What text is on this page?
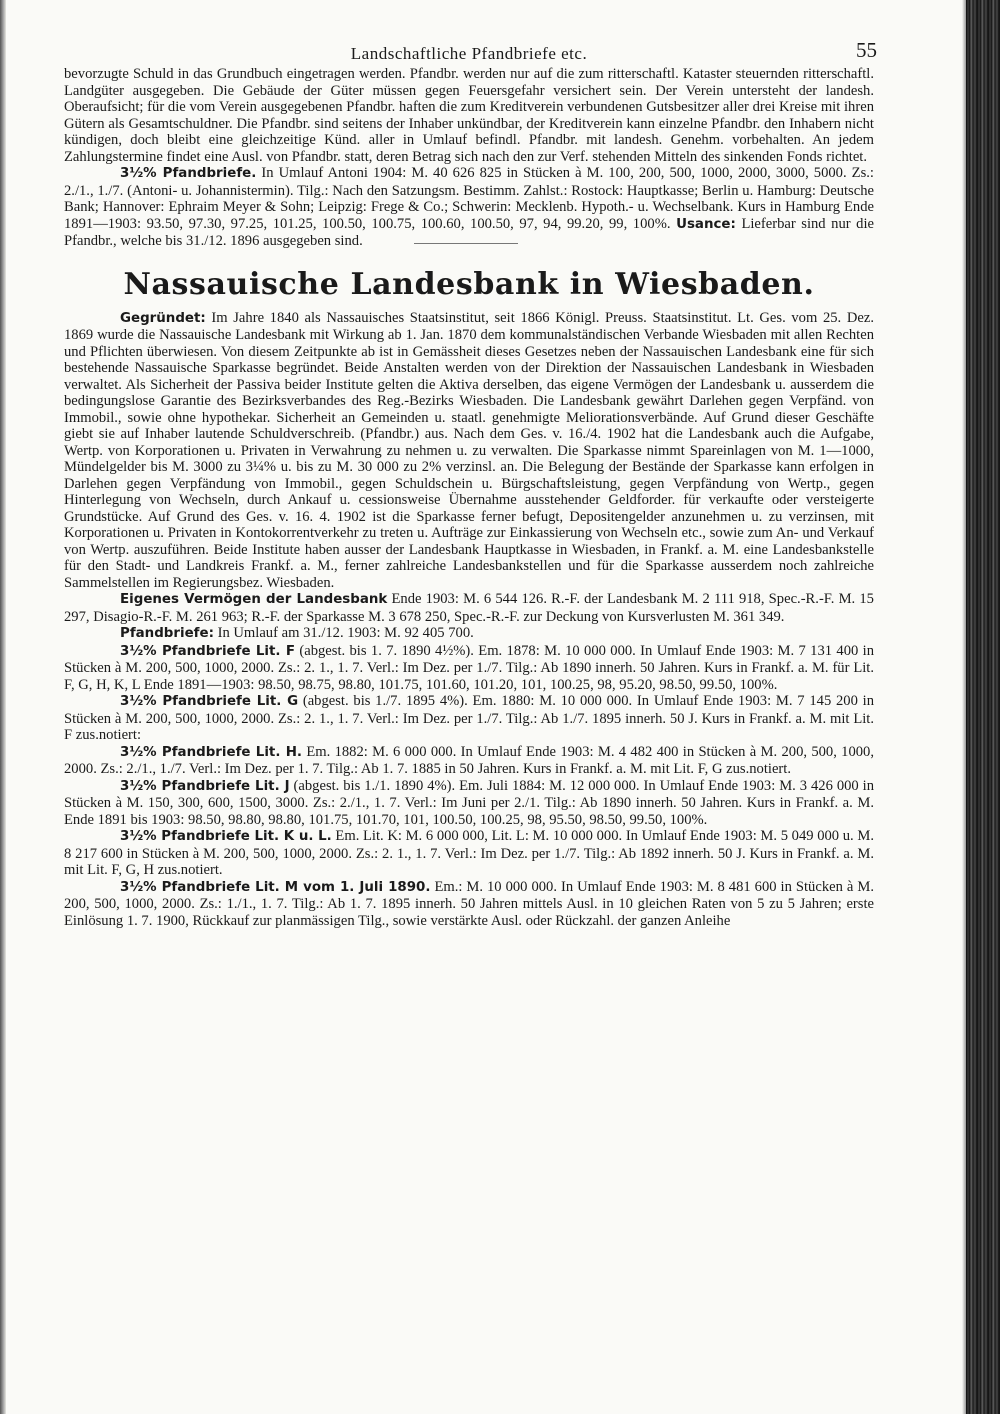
Landschaftliche Pfandbriefe etc.	55

bevorzugte Schuld in das Grundbuch eingetragen werden. Pfandbr. werden nur auf die zum ritterschaftl. Kataster steuernden ritterschaftl. Landgüter ausgegeben. Die Gebäude der Güter müssen gegen Feuersgefahr versichert sein. Der Verein untersteht der landesh. Oberaufsicht; für die vom Verein ausgegebenen Pfandbr. haften die zum Kreditverein verbundenen Gutsbesitzer aller drei Kreise mit ihren Gütern als Gesamtschuldner. Die Pfandbr. sind seitens der Inhaber unkündbar, der Kreditverein kann einzelne Pfandbr. den Inhabern nicht kündigen, doch bleibt eine gleichzeitige Künd. aller in Umlauf befindl. Pfandbr. mit landesh. Genehm. vorbehalten. An jedem Zahlungstermine findet eine Ausl. von Pfandbr. statt, deren Betrag sich nach den zur Verf. stehenden Mitteln des sinkenden Fonds richtet.

3½% Pfandbriefe. In Umlauf Antoni 1904: M. 40 626 825 in Stücken à M. 100, 200, 500, 1000, 2000, 3000, 5000. Zs.: 2./1., 1./7. (Antoni- u. Johannistermin). Tilg.: Nach den Satzungsm. Bestimm. Zahlst.: Rostock: Hauptkasse; Berlin u. Hamburg: Deutsche Bank; Hannover: Ephraim Meyer & Sohn; Leipzig: Frege & Co.; Schwerin: Mecklenb. Hypoth.- u. Wechselbank. Kurs in Hamburg Ende 1891—1903: 93.50, 97.30, 97.25, 101.25, 100.50, 100.75, 100.60, 100.50, 97, 94, 99.20, 99, 100%. Usance: Lieferbar sind nur die Pfandbr., welche bis 31./12. 1896 ausgegeben sind.

Nassauische Landesbank in Wiesbaden.

Gegründet: Im Jahre 1840 als Nassauisches Staatsinstitut, seit 1866 Königl. Preuss. Staatsinstitut. Lt. Ges. vom 25. Dez. 1869 wurde die Nassauische Landesbank mit Wirkung ab 1. Jan. 1870 dem kommunalständischen Verbande Wiesbaden mit allen Rechten und Pflichten überwiesen. Von diesem Zeitpunkte ab ist in Gemässheit dieses Gesetzes neben der Nassauischen Landesbank eine für sich bestehende Nassauische Sparkasse begründet. Beide Anstalten werden von der Direktion der Nassauischen Landesbank in Wiesbaden verwaltet. Als Sicherheit der Passiva beider Institute gelten die Aktiva derselben, das eigene Vermögen der Landesbank u. ausserdem die bedingungslose Garantie des Bezirksverbandes des Reg.-Bezirks Wiesbaden. Die Landesbank gewährt Darlehen gegen Verpfänd. von Immobil., sowie ohne hypothekar. Sicherheit an Gemeinden u. staatl. genehmigte Meliorationsverbände. Auf Grund dieser Geschäfte giebt sie auf Inhaber lautende Schuldverschreib. (Pfandbr.) aus. Nach dem Ges. v. 16./4. 1902 hat die Landesbank auch die Aufgabe, Wertp. von Korporationen u. Privaten in Verwahrung zu nehmen u. zu verwalten. Die Sparkasse nimmt Spareinlagen von M. 1—1000, Mündelgelder bis M. 3000 zu 3¼% u. bis zu M. 30 000 zu 2% verzinsl. an. Die Belegung der Bestände der Sparkasse kann erfolgen in Darlehen gegen Verpfändung von Immobil., gegen Schuldschein u. Bürgschaftsleistung, gegen Verpfändung von Wertp., gegen Hinterlegung von Wechseln, durch Ankauf u. cessionsweise Übernahme ausstehender Geldforder. für verkaufte oder versteigerte Grundstücke. Auf Grund des Ges. v. 16. 4. 1902 ist die Sparkasse ferner befugt, Depositengelder anzunehmen u. zu verzinsen, mit Korporationen u. Privaten in Kontokorrentverkehr zu treten u. Aufträge zur Einkassierung von Wechseln etc., sowie zum An- und Verkauf von Wertp. auszuführen. Beide Institute haben ausser der Landesbank Hauptkasse in Wiesbaden, in Frankf. a. M. eine Landesbankstelle für den Stadt- und Landkreis Frankf. a. M., ferner zahlreiche Landesbankstellen und für die Sparkasse ausserdem noch zahlreiche Sammelstellen im Regierungsbez. Wiesbaden.

Eigenes Vermögen der Landesbank Ende 1903: M. 6 544 126. R.-F. der Landesbank M. 2 111 918, Spec.-R.-F. M. 15 297, Disagio-R.-F. M. 261 963; R.-F. der Sparkasse M. 3 678 250, Spec.-R.-F. zur Deckung von Kursverlusten M. 361 349.

Pfandbriefe: In Umlauf am 31./12. 1903: M. 92 405 700.

3½% Pfandbriefe Lit. F (abgest. bis 1. 7. 1890 4½%). Em. 1878: M. 10 000 000. In Umlauf Ende 1903: M. 7 131 400 in Stücken à M. 200, 500, 1000, 2000. Zs.: 2. 1., 1. 7. Verl.: Im Dez. per 1./7. Tilg.: Ab 1890 innerh. 50 Jahren. Kurs in Frankf. a. M. für Lit. F, G, H, K, L Ende 1891—1903: 98.50, 98.75, 98.80, 101.75, 101.60, 101.20, 101, 100.25, 98, 95.20, 98.50, 99.50, 100%.

3½% Pfandbriefe Lit. G (abgest. bis 1./7. 1895 4%). Em. 1880: M. 10 000 000. In Umlauf Ende 1903: M. 7 145 200 in Stücken à M. 200, 500, 1000, 2000. Zs.: 2. 1., 1. 7. Verl.: Im Dez. per 1./7. Tilg.: Ab 1./7. 1895 innerh. 50 J. Kurs in Frankf. a. M. mit Lit. F zus.notiert:

3½% Pfandbriefe Lit. H. Em. 1882: M. 6 000 000. In Umlauf Ende 1903: M. 4 482 400 in Stücken à M. 200, 500, 1000, 2000. Zs.: 2./1., 1./7. Verl.: Im Dez. per 1. 7. Tilg.: Ab 1. 7. 1885 in 50 Jahren. Kurs in Frankf. a. M. mit Lit. F, G zus.notiert.

3½% Pfandbriefe Lit. J (abgest. bis 1./1. 1890 4%). Em. Juli 1884: M. 12 000 000. In Umlauf Ende 1903: M. 3 426 000 in Stücken à M. 150, 300, 600, 1500, 3000. Zs.: 2./1., 1. 7. Verl.: Im Juni per 2./1. Tilg.: Ab 1890 innerh. 50 Jahren. Kurs in Frankf. a. M. Ende 1891 bis 1903: 98.50, 98.80, 98.80, 101.75, 101.70, 101, 100.50, 100.25, 98, 95.50, 98.50, 99.50, 100%.

3½% Pfandbriefe Lit. K u. L. Em. Lit. K: M. 6 000 000, Lit. L: M. 10 000 000. In Umlauf Ende 1903: M. 5 049 000 u. M. 8 217 600 in Stücken à M. 200, 500, 1000, 2000. Zs.: 2. 1., 1. 7. Verl.: Im Dez. per 1./7. Tilg.: Ab 1892 innerh. 50 J. Kurs in Frankf. a. M. mit Lit. F, G, H zus.notiert.

3½% Pfandbriefe Lit. M vom 1. Juli 1890. Em.: M. 10 000 000. In Umlauf Ende 1903: M. 8 481 600 in Stücken à M. 200, 500, 1000, 2000. Zs.: 1./1., 1. 7. Tilg.: Ab 1. 7. 1895 innerh. 50 Jahren mittels Ausl. in 10 gleichen Raten von 5 zu 5 Jahren; erste Einlösung 1. 7. 1900, Rückkauf zur planmässigen Tilg., sowie verstärkte Ausl. oder Rückzahl. der ganzen Anleihe
